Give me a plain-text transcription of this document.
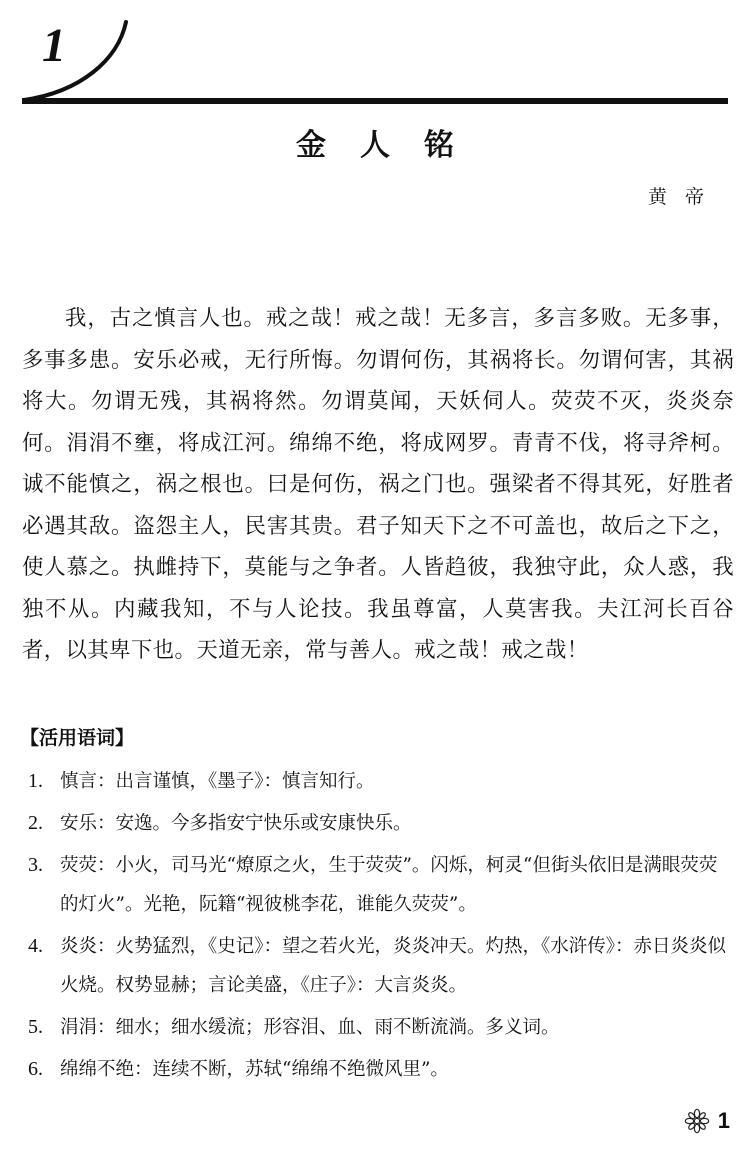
1
金人铭
黄帝

我，古之慎言人也。戒之哉！戒之哉！无多言，多言多败。无多事，多事多患。安乐必戒，无行所悔。勿谓何伤，其祸将长。勿谓何害，其祸将大。勿谓无残，其祸将然。勿谓莫闻，天妖伺人。荧荧不灭，炎炎奈何。涓涓不壅，将成江河。绵绵不绝，将成网罗。青青不伐，将寻斧柯。诚不能慎之，祸之根也。曰是何伤，祸之门也。强梁者不得其死，好胜者必遇其敌。盗怨主人，民害其贵。君子知天下之不可盖也，故后之下之，使人慕之。执雌持下，莫能与之争者。人皆趋彼，我独守此，众人惑，我独不从。内藏我知，不与人论技。我虽尊富，人莫害我。夫江河长百谷者，以其卑下也。天道无亲，常与善人。戒之哉！戒之哉！

【活用语词】
1. 慎言：出言谨慎，《墨子》：慎言知行。
2. 安乐：安逸。今多指安宁快乐或安康快乐。
3. 荧荧：小火，司马光“燎原之火，生于荧荧”。闪烁，柯灵“但街头依旧是满眼荧荧的灯火”。光艳，阮籍“视彼桃李花，谁能久荧荧”。
4. 炎炎：火势猛烈，《史记》：望之若火光，炎炎冲天。灼热，《水浒传》：赤日炎炎似火烧。权势显赫；言论美盛，《庄子》：大言炎炎。
5. 涓涓：细水；细水缓流；形容泪、血、雨不断流淌。多义词。
6. 绵绵不绝：连续不断，苏轼“绵绵不绝微风里”。
1
